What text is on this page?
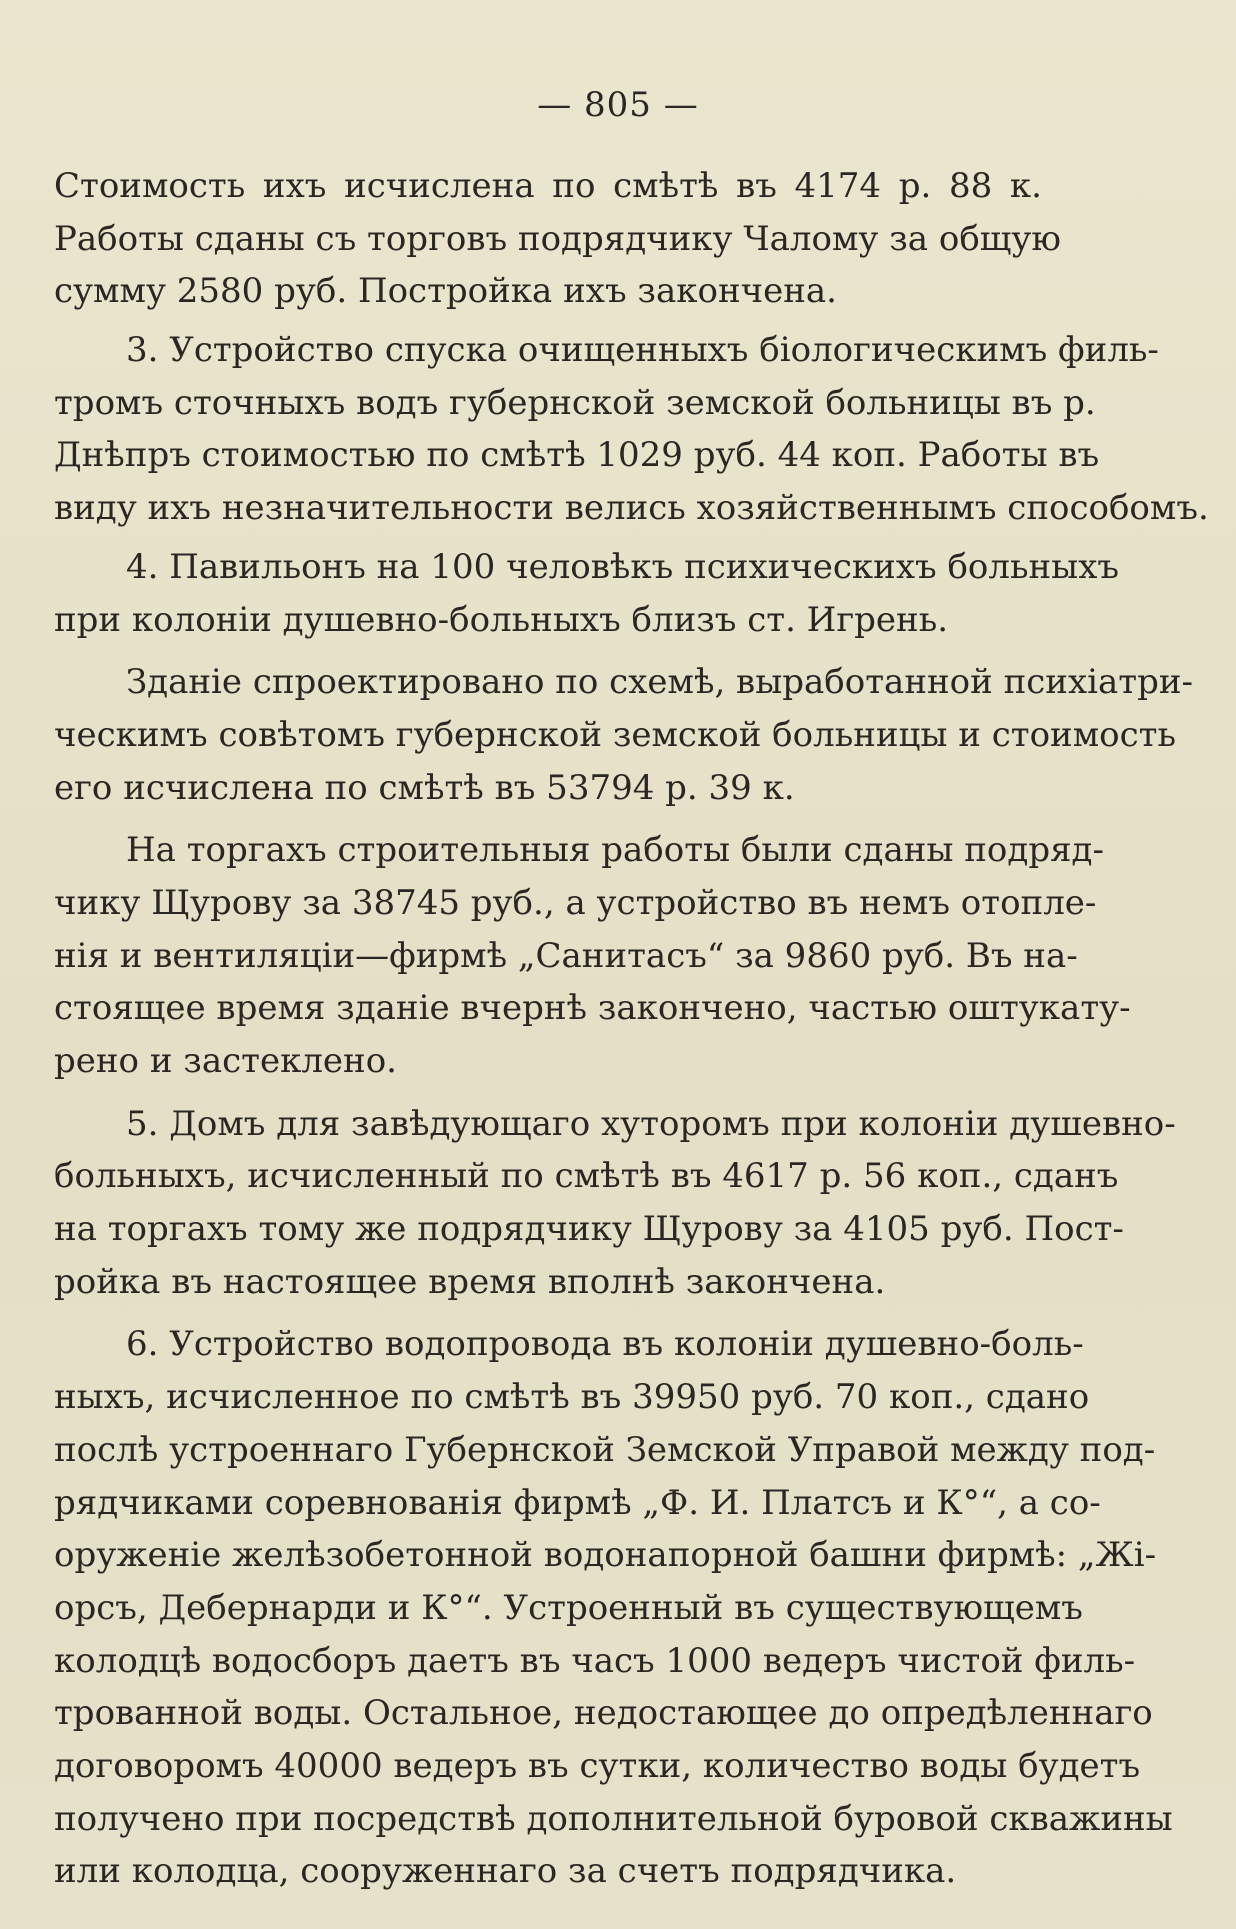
— 805 —
Стоимость ихъ исчислена по смѣтѣ въ 4174 р. 88 к.
Работы сданы съ торговъ подрядчику Чалому за общую
сумму 2580 руб. Постройка ихъ закончена.
3. Устройство спуска очищенныхъ біологическимъ филь-
тромъ сточныхъ водъ губернской земской больницы въ р.
Днѣпръ стоимостью по смѣтѣ 1029 руб. 44 коп. Работы въ
виду ихъ незначительности велись хозяйственнымъ способомъ.
4. Павильонъ на 100 человѣкъ психическихъ больныхъ
при колоніи душевно-больныхъ близъ ст. Игрень.
Зданіе спроектировано по схемѣ, выработанной психіатри-
ческимъ совѣтомъ губернской земской больницы и стоимость
его исчислена по смѣтѣ въ 53794 р. 39 к.
На торгахъ строительныя работы были сданы подряд-
чику Щурову за 38745 руб., а устройство въ немъ отопле-
нія и вентиляціи—фирмѣ „Санитасъ“ за 9860 руб. Въ на-
стоящее время зданіе вчернѣ закончено, частью оштукату-
рено и застеклено.
5. Домъ для завѣдующаго хуторомъ при колоніи душевно-
больныхъ, исчисленный по смѣтѣ въ 4617 р. 56 коп., сданъ
на торгахъ тому же подрядчику Щурову за 4105 руб. Пост-
ройка въ настоящее время вполнѣ закончена.
6. Устройство водопровода въ колоніи душевно-боль-
ныхъ, исчисленное по смѣтѣ въ 39950 руб. 70 коп., сдано
послѣ устроеннаго Губернской Земской Управой между под-
рядчиками соревнованія фирмѣ „Ф. И. Платсъ и К°“, а со-
оруженіе желѣзобетонной водонапорной башни фирмѣ: „Жі-
орсъ, Дебернарди и К°“. Устроенный въ существующемъ
колодцѣ водосборъ даетъ въ часъ 1000 ведеръ чистой филь-
трованной воды. Остальное, недостающее до опредѣленнаго
договоромъ 40000 ведеръ въ сутки, количество воды будетъ
получено при посредствѣ дополнительной буровой скважины
или колодца, сооруженнаго за счетъ подрядчика.
